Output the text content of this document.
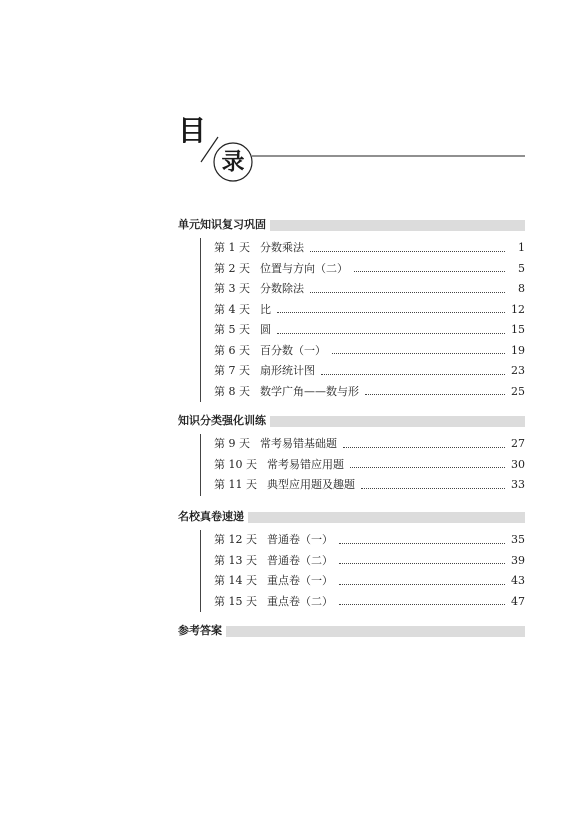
目
录
单元知识复习巩固
第 1 天 分数乘法	1
第 2 天 位置与方向（二）	5
第 3 天 分数除法	8
第 4 天 比	12
第 5 天 圆	15
第 6 天 百分数（一）	19
第 7 天 扇形统计图	23
第 8 天 数学广角——数与形	25
知识分类强化训练
第 9 天 常考易错基础题	27
第 10 天 常考易错应用题	30
第 11 天 典型应用题及趣题	33
名校真卷速递
第 12 天 普通卷（一）	35
第 13 天 普通卷（二）	39
第 14 天 重点卷（一）	43
第 15 天 重点卷（二）	47
参考答案
